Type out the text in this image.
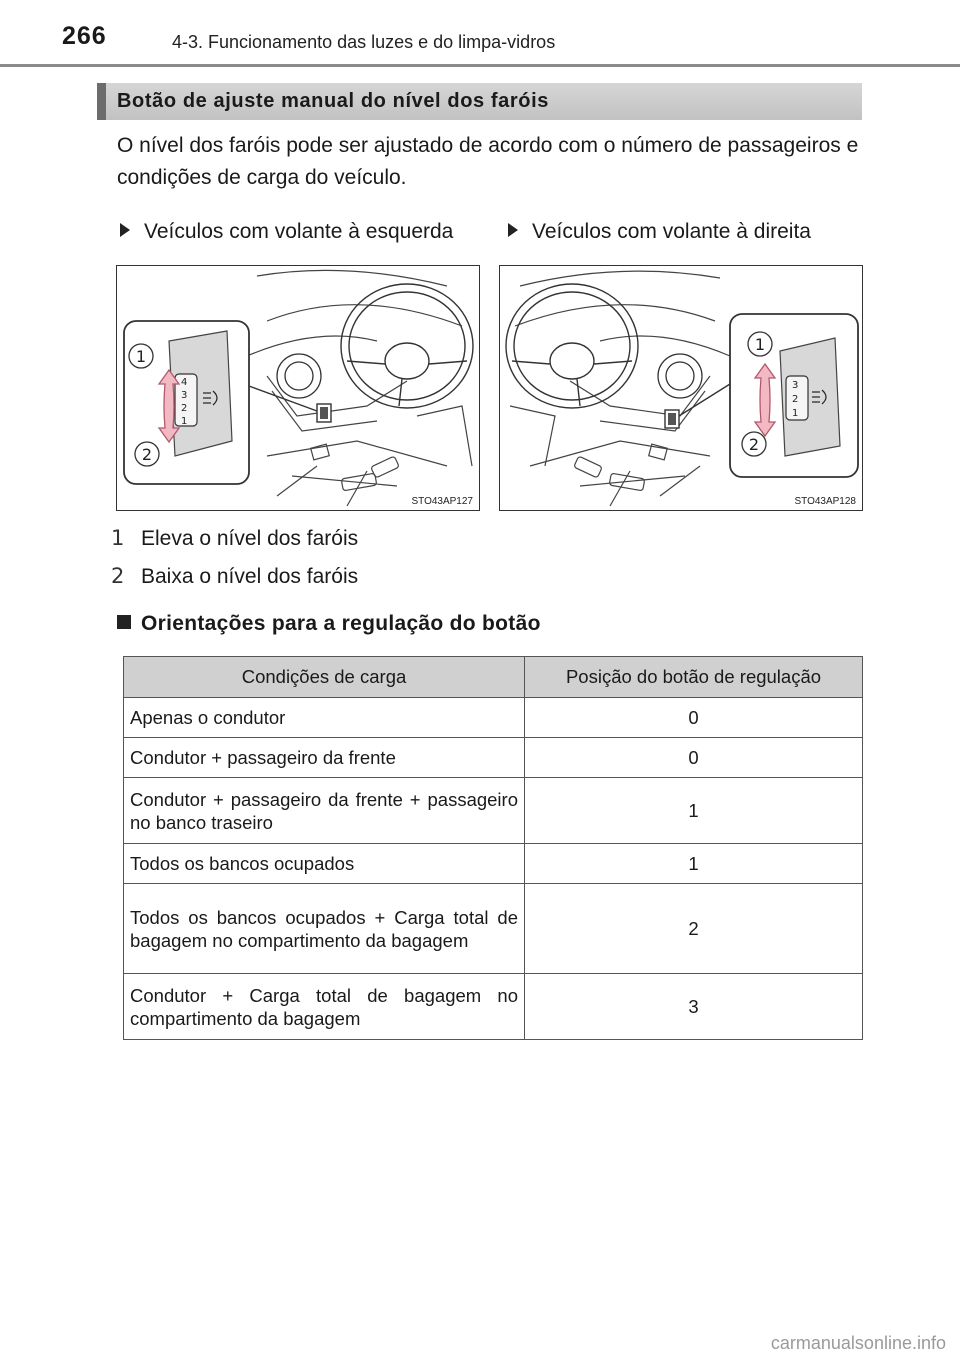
266	4-3. Funcionamento das luzes e do limpa-vidros
Botão de ajuste manual do nível dos faróis

O nível dos faróis pode ser ajustado de acordo com o número de passageiros e condições de carga do veículo.

Veículos com volante à esquerda	Veículos com volante à direita
4
3
2
1
1
2
STO43AP127
3
2
1
1
2
STO43AP128
1 Eleva o nível dos faróis
2 Baixa o nível dos faróis
Orientações para a regulação do botão
Condições de carga	Posição do botão de regulação
Apenas o condutor	0
Condutor + passageiro da frente	0
Condutor + passageiro da frente + passageiro no banco traseiro	1
Todos os bancos ocupados	1
Todos os bancos ocupados + Carga total de bagagem no compartimento da bagagem	2
Condutor + Carga total de bagagem no compartimento da bagagem	3
carmanualsonline.info
